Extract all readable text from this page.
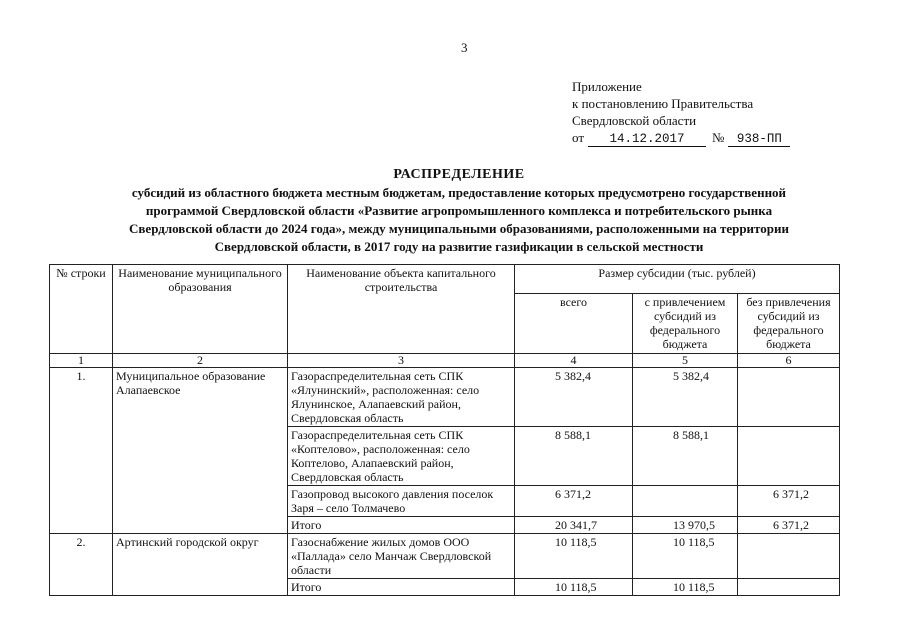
3
Приложение
к постановлению Правительства
Свердловской области
от 14.12.2017 № 938-ПП
РАСПРЕДЕЛЕНИЕ
субсидий из областного бюджета местным бюджетам, предоставление которых предусмотрено государственной
программой Свердловской области «Развитие агропромышленного комплекса и потребительского рынка
Свердловской области до 2024 года», между муниципальными образованиями, расположенными на территории
Свердловской области, в 2017 году на развитие газификации в сельской местности
№ строки	Наименование муниципального образования	Наименование объекта капитального строительства	Размер субсидии (тыс. рублей)		
			всего	с привлечением субсидий из федерального бюджета	без привлечения субсидий из федерального бюджета
1	2	3	4	5	6
1.	Муниципальное образование Алапаевское	Газораспределительная сеть СПК «Ялунинский», расположенная: село Ялунинское, Алапаевский район, Свердловская область	5 382,4	5 382,4	
		Газораспределительная сеть СПК «Коптелово», расположенная: село Коптелово, Алапаевский район, Свердловская область	8 588,1	8 588,1	
		Газопровод высокого давления поселок Заря – село Толмачево	6 371,2		6 371,2
		Итого	20 341,7	13 970,5	6 371,2
2.	Артинский городской округ	Газоснабжение жилых домов ООО «Паллада» село Манчаж Свердловской области	10 118,5	10 118,5	
		Итого	10 118,5	10 118,5	
